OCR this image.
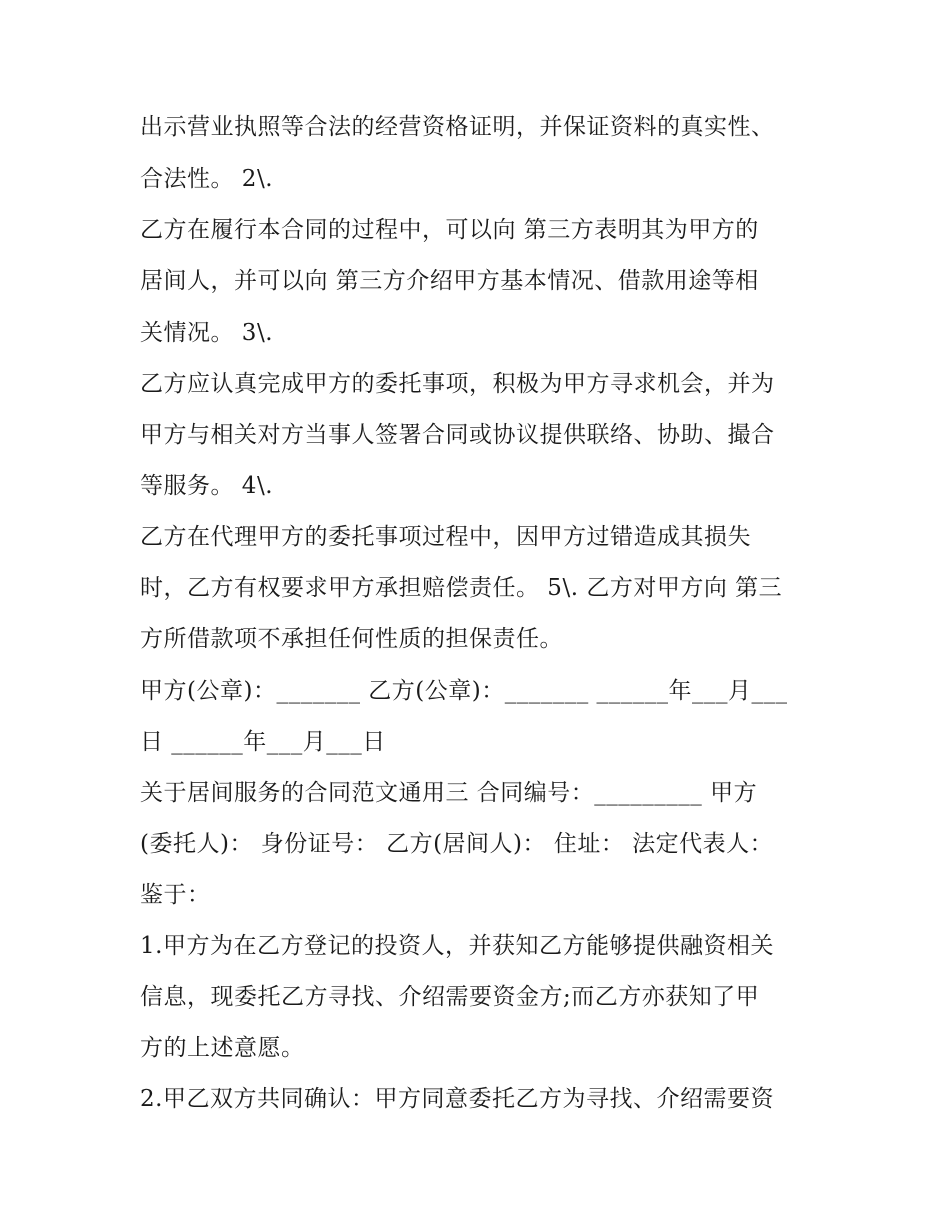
出示营业执照等合法的经营资格证明，并保证资料的真实性、
合法性。 2\.
乙方在履行本合同的过程中，可以向 第三方表明其为甲方的
居间人，并可以向 第三方介绍甲方基本情况、借款用途等相
关情况。 3\.
乙方应认真完成甲方的委托事项，积极为甲方寻求机会，并为
甲方与相关对方当事人签署合同或协议提供联络、协助、撮合
等服务。 4\.
乙方在代理甲方的委托事项过程中，因甲方过错造成其损失
时，乙方有权要求甲方承担赔偿责任。 5\. 乙方对甲方向 第三
方所借款项不承担任何性质的担保责任。
甲方(公章)：_______ 乙方(公章)：_______ ______年___月___
日 ______年___月___日
关于居间服务的合同范文通用三 合同编号：_________ 甲方
(委托人)： 身份证号： 乙方(居间人)： 住址： 法定代表人：
鉴于：
1.甲方为在乙方登记的投资人，并获知乙方能够提供融资相关
信息，现委托乙方寻找、介绍需要资金方;而乙方亦获知了甲
方的上述意愿。
2.甲乙双方共同确认：甲方同意委托乙方为寻找、介绍需要资
